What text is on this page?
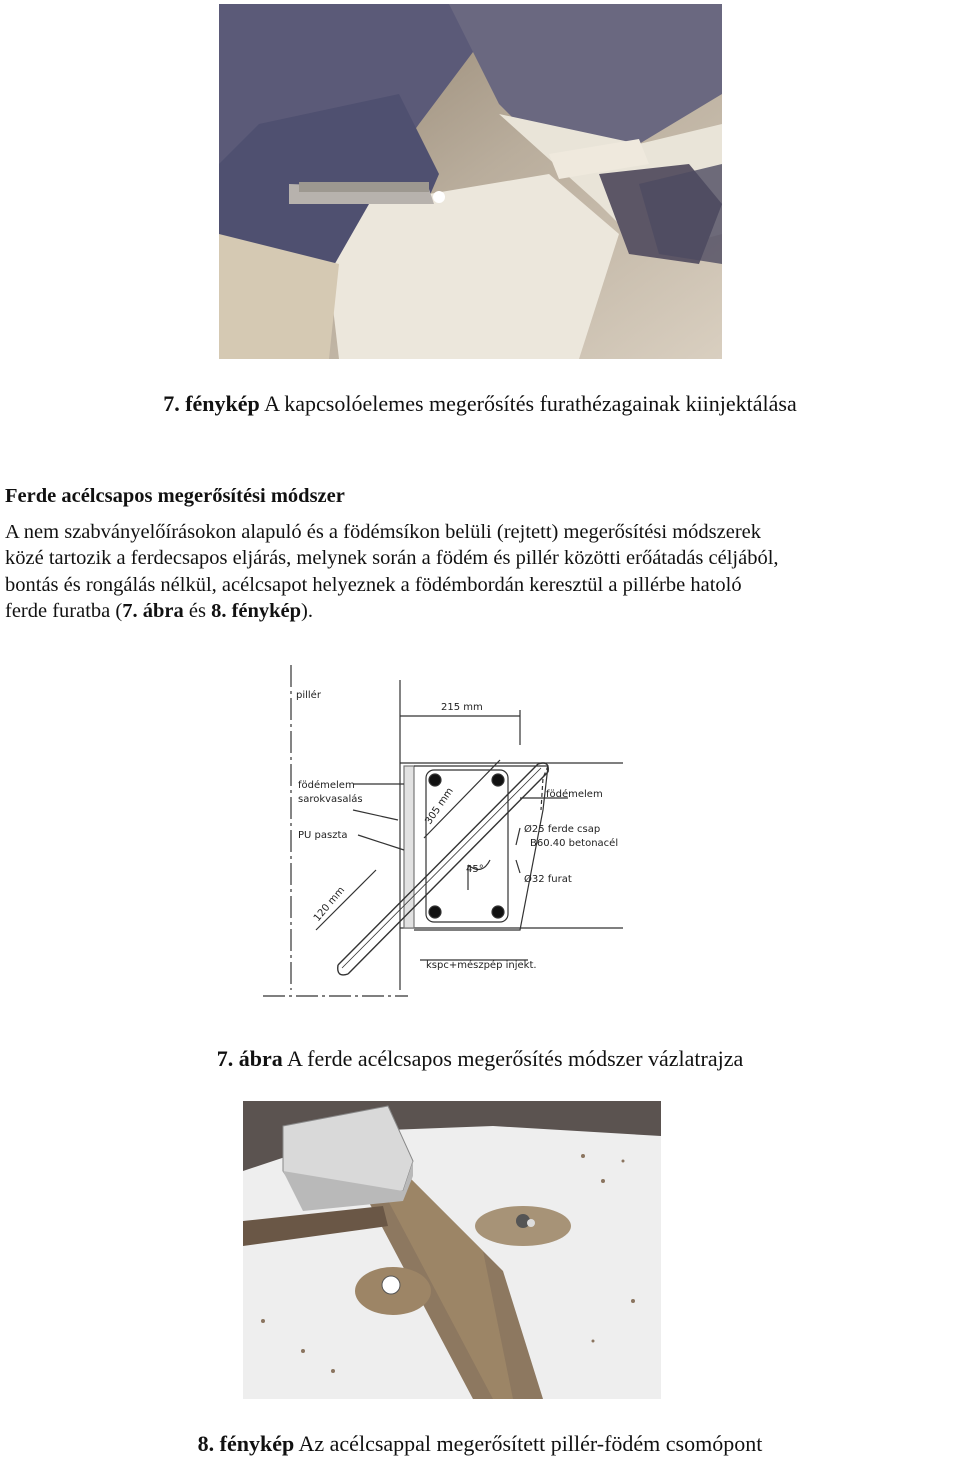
7. fénykép A kapcsolóelemes megerősítés furathézagainak kiinjektálása
Ferde acélcsapos megerősítési módszer
A nem szabványelőírásokon alapuló és a födémsíkon belüli (rejtett) megerősítési módszerek
közé tartozik a ferdecsapos eljárás, melynek során a födém és pillér közötti erőátadás céljából,
bontás és rongálás nélkül, acélcsapot helyeznek a födémbordán keresztül a pillérbe hatoló
ferde furatba (7. ábra és 8. fénykép).
pillér
215 mm
födémelem
sarokvasalás
PU paszta
305 mm	födémelem
Ø25 ferde csap
B60.40 betonacél
45°
Ø32 furat
120 mm
kspc+mészpép injekt.
7. ábra A ferde acélcsapos megerősítés módszer vázlatrajza
8. fénykép Az acélcsappal megerősített pillér-födém csomópont
